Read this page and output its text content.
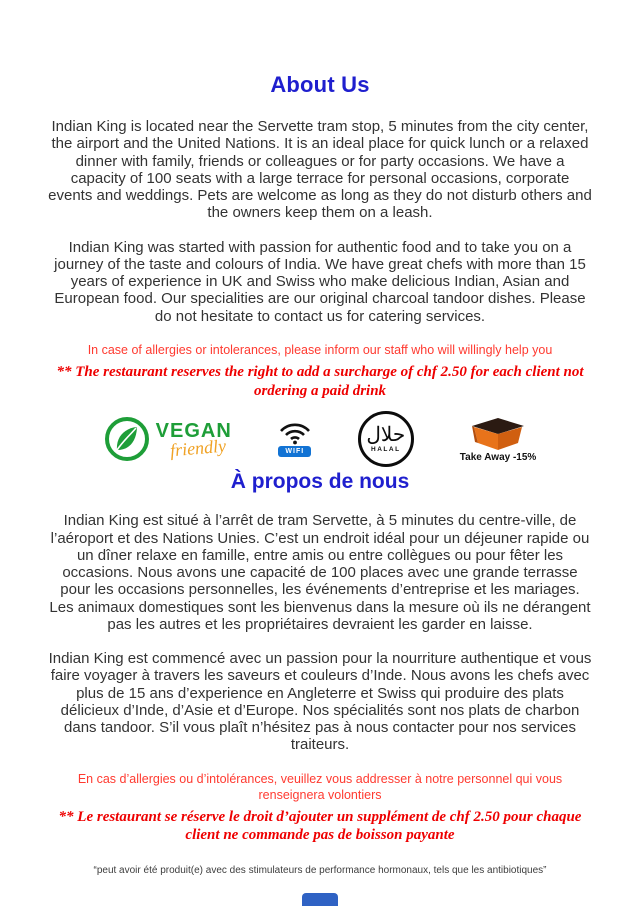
About Us

Indian King is located near the Servette tram stop, 5 minutes from the city center, the airport and the United Nations. It is an ideal place for quick lunch or a relaxed dinner with family, friends or colleagues or for party occasions. We have a capacity of 100 seats with a large terrace for personal occasions, corporate events and weddings. Pets are welcome as long as they do not disturb others and the owners keep them on a leash.

Indian King was started with passion for authentic food and to take you on a journey of the taste and colours of India. We have great chefs with more than 15 years of experience in UK and Swiss who make delicious Indian, Asian and European food. Our specialities are our original charcoal tandoor dishes. Please do not hesitate to contact us for catering services.

In case of allergies or intolerances, please inform our staff who will willingly help you

** The restaurant reserves the right to add a surcharge of chf 2.50 for each client not ordering a paid drink

VEGAN
friendly	WIFI
حلال
HALAL
Take Away -15%
À propos de nous

Indian King est situé à l’arrêt de tram Servette, à 5 minutes du centre-ville, de l’aéroport et des Nations Unies. C’est un endroit idéal pour un déjeuner rapide ou un dîner relaxe en famille, entre amis ou entre collègues ou pour fêter les occasions. Nous avons une capacité de 100 places avec une grande terrasse pour les occasions personnelles, les événements d’entreprise et les mariages. Les animaux domestiques sont les bienvenus dans la mesure où ils ne dérangent pas les autres et les propriétaires devraient les garder en laisse.

Indian King est commencé avec un passion pour la nourriture authentique et vous faire voyager à travers les saveurs et couleurs d’Inde. Nous avons les chefs avec plus de 15 ans d’experience en Angleterre et Swiss qui produire des plats délicieux d’Inde, d’Asie et d’Europe. Nos spécialités sont nos plats de charbon dans tandoor. S’il vous plaît n’hésitez pas à nous contacter pour nos services traiteurs.

En cas d’allergies ou d’intolérances, veuillez vous addresser à notre personnel qui vous renseignera volontiers

** Le restaurant se réserve le droit d’ajouter un supplément de chf 2.50 pour chaque client ne commande pas de boisson payante

“peut avoir été produit(e) avec des stimulateurs de performance hormonaux, tels que les antibiotiques”
